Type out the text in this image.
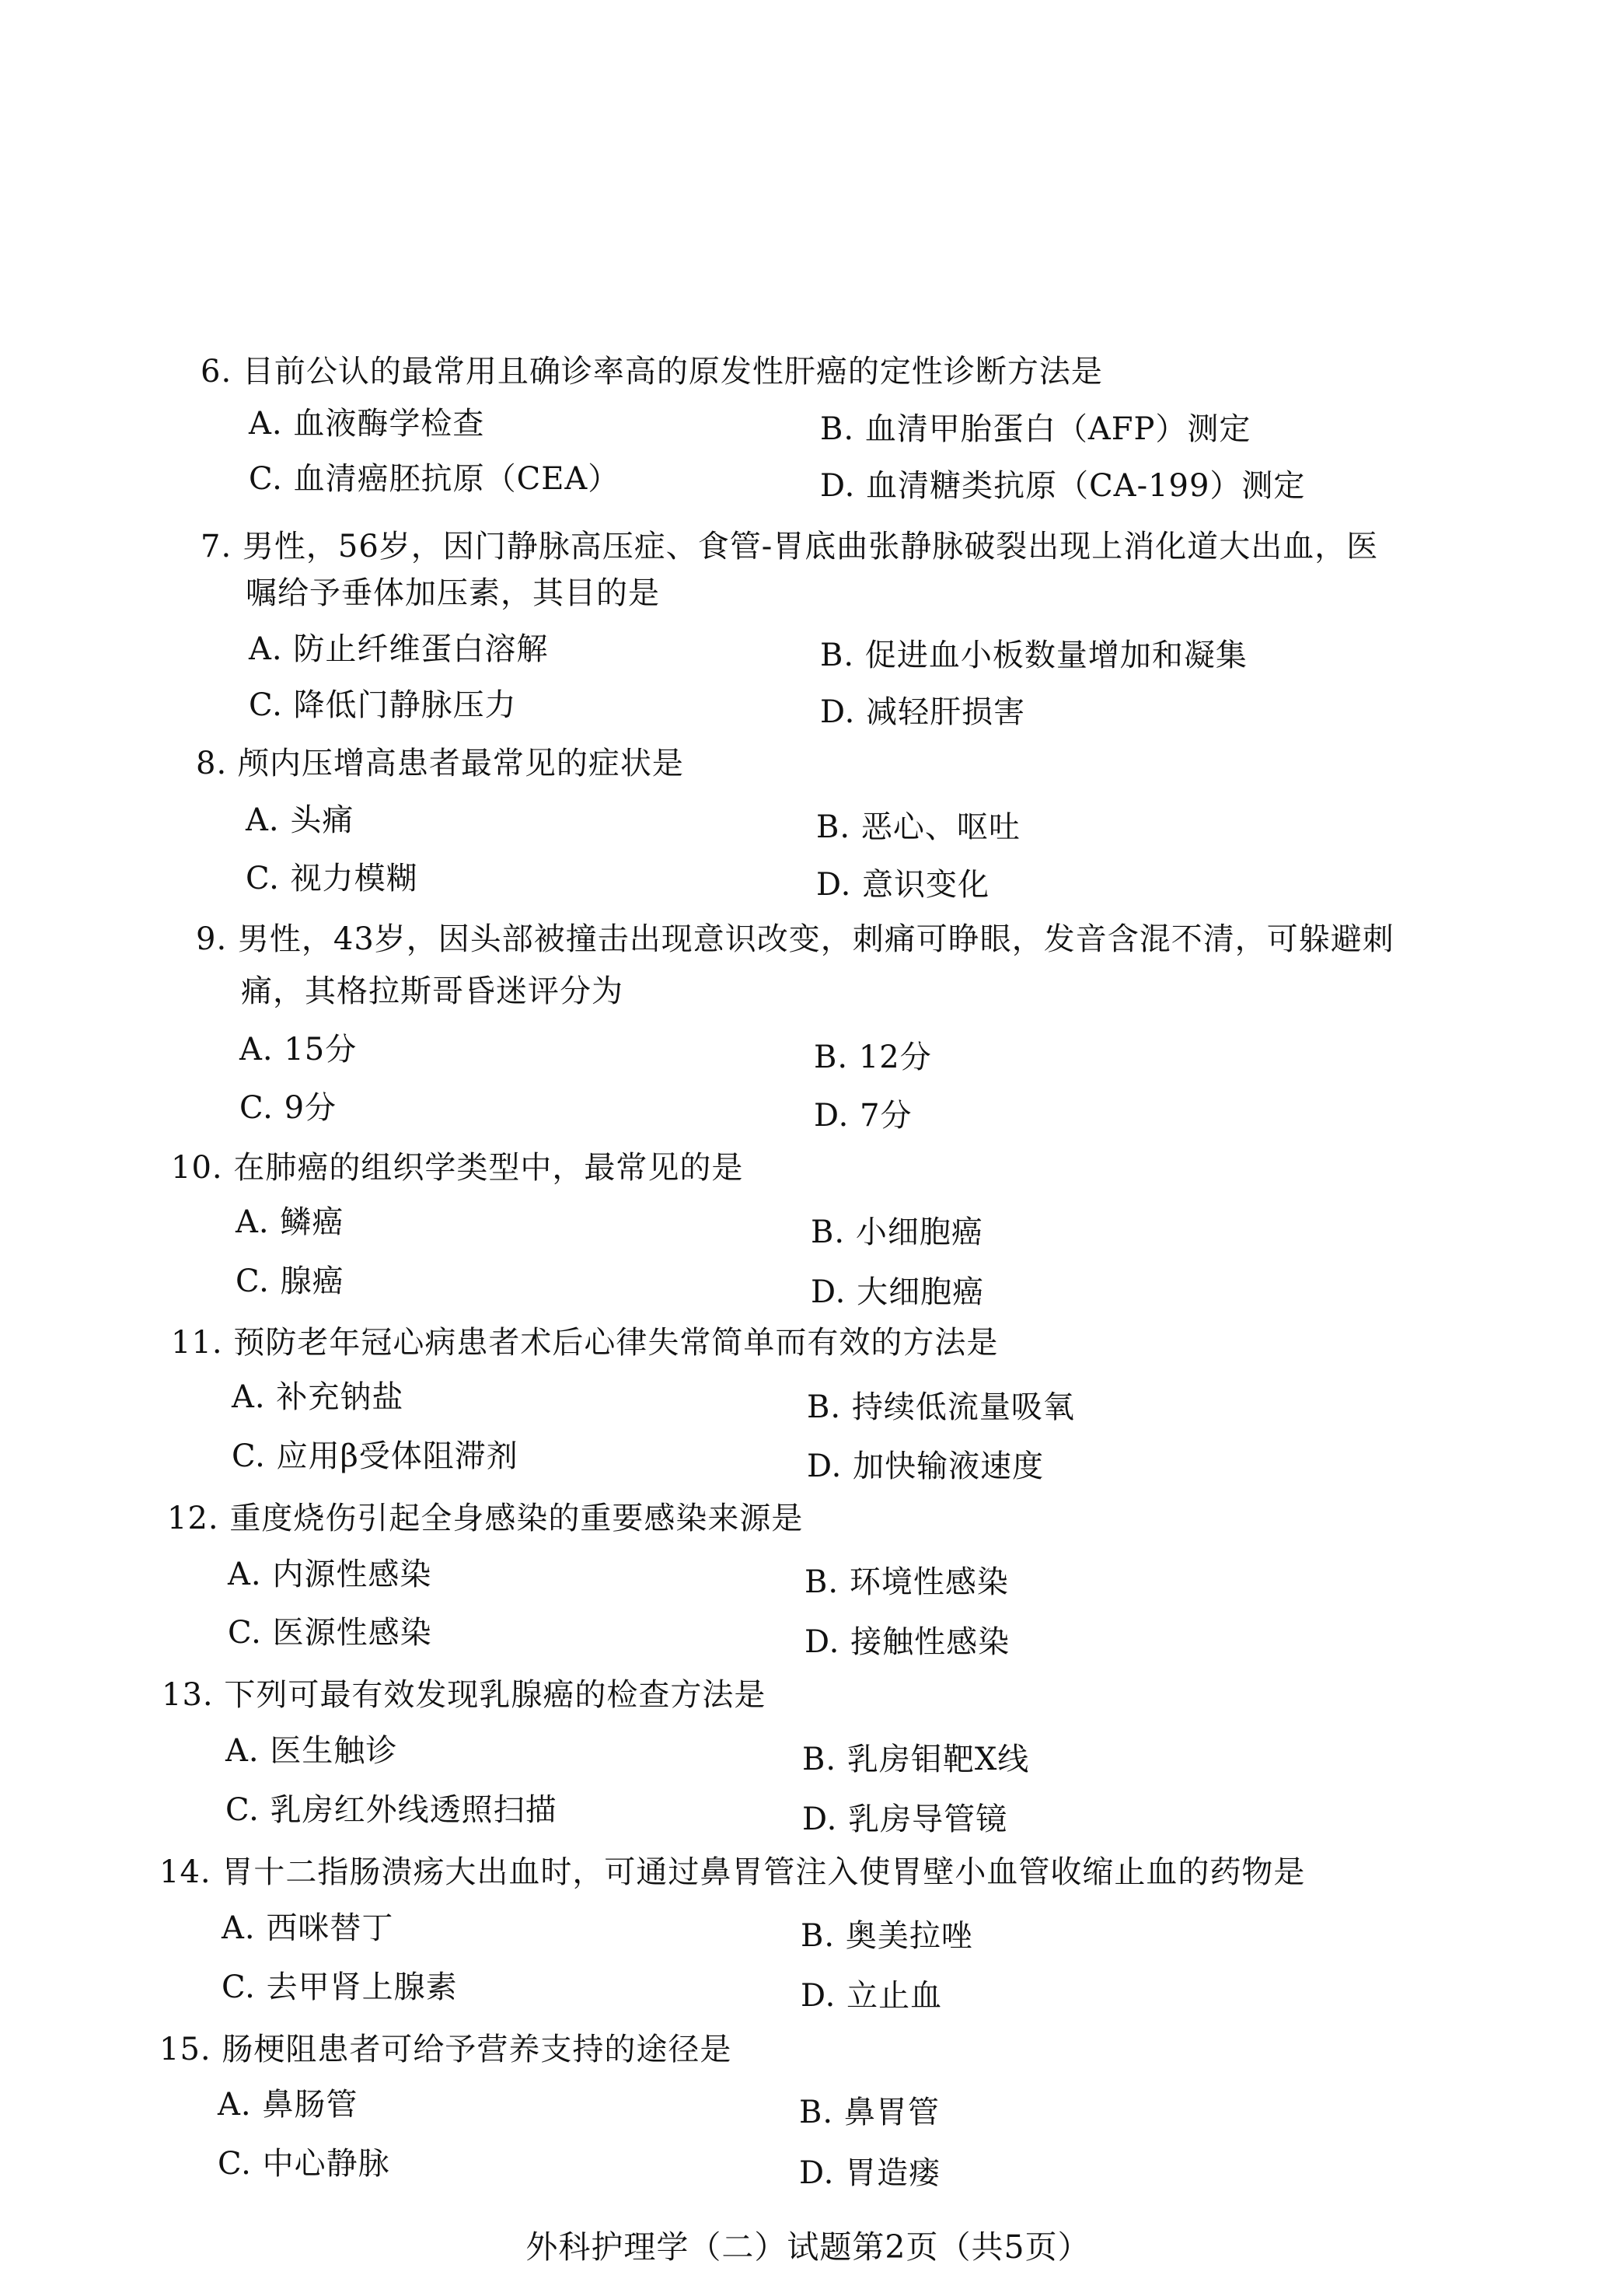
6. 目前公认的最常用且确诊率高的原发性肝癌的定性诊断方法是
A. 血液酶学检查	B. 血清甲胎蛋白（AFP）测定
C. 血清癌胚抗原（CEA）	D. 血清糖类抗原（CA-199）测定
7. 男性，56岁，因门静脉高压症、食管-胃底曲张静脉破裂出现上消化道大出血，医
嘱给予垂体加压素，其目的是
A. 防止纤维蛋白溶解	B. 促进血小板数量增加和凝集
C. 降低门静脉压力	D. 减轻肝损害
8. 颅内压增高患者最常见的症状是
A. 头痛	B. 恶心、呕吐
C. 视力模糊	D. 意识变化
9. 男性，43岁，因头部被撞击出现意识改变，刺痛可睁眼，发音含混不清，可躲避刺
痛，其格拉斯哥昏迷评分为
A. 15分	B. 12分
C. 9分	D. 7分
10. 在肺癌的组织学类型中，最常见的是
A. 鳞癌	B. 小细胞癌
C. 腺癌	D. 大细胞癌
11. 预防老年冠心病患者术后心律失常简单而有效的方法是
A. 补充钠盐	B. 持续低流量吸氧
C. 应用β受体阻滞剂	D. 加快输液速度
12. 重度烧伤引起全身感染的重要感染来源是
A. 内源性感染	B. 环境性感染
C. 医源性感染	D. 接触性感染
13. 下列可最有效发现乳腺癌的检查方法是
A. 医生触诊	B. 乳房钼靶X线
C. 乳房红外线透照扫描	D. 乳房导管镜
14. 胃十二指肠溃疡大出血时，可通过鼻胃管注入使胃壁小血管收缩止血的药物是
A. 西咪替丁	B. 奥美拉唑
C. 去甲肾上腺素	D. 立止血
15. 肠梗阻患者可给予营养支持的途径是
A. 鼻肠管	B. 鼻胃管
C. 中心静脉	D. 胃造瘘
外科护理学（二）试题第2页（共5页）
